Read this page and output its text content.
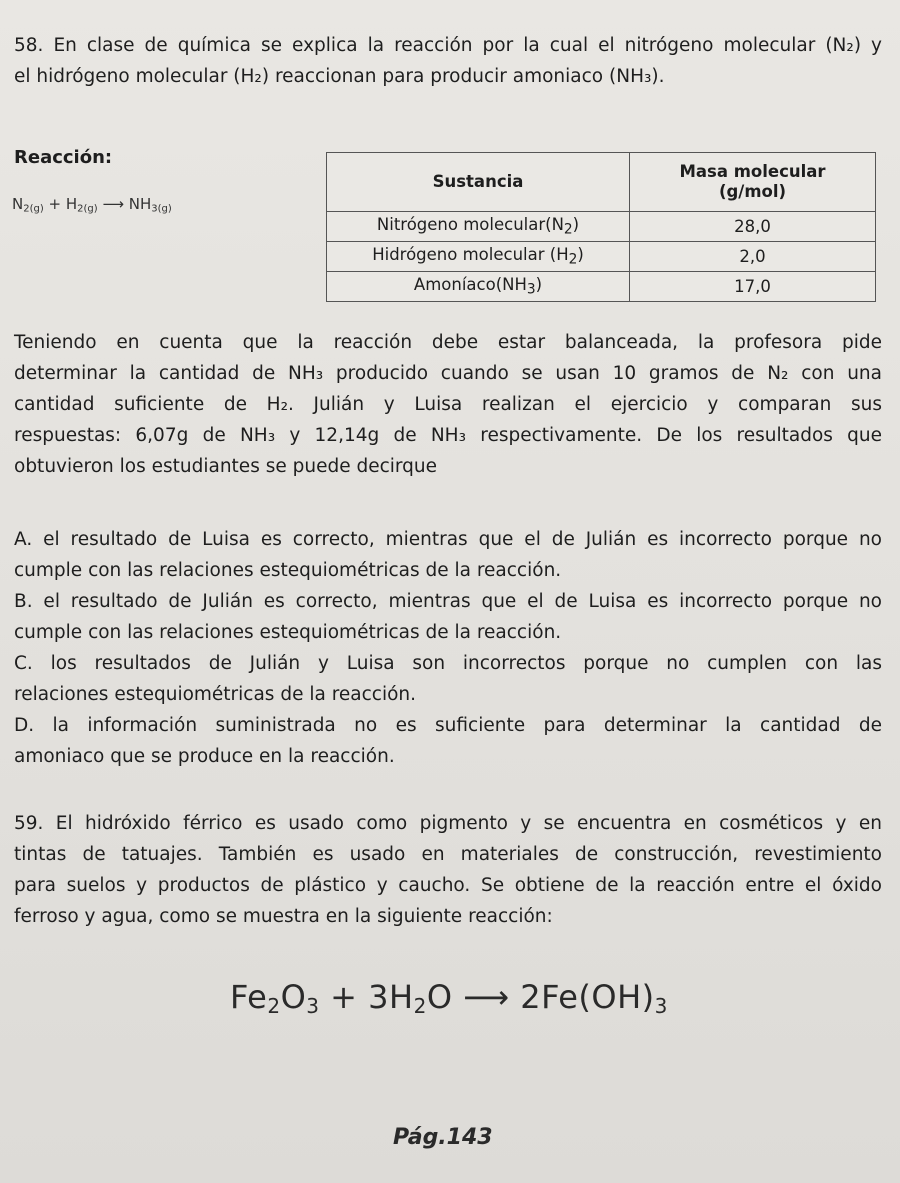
58. En clase de química se explica la reacción por la cual el nitrógeno molecular (N₂) y
el hidrógeno molecular (H₂) reaccionan para producir amoniaco (NH₃).
Reacción:
$N_{2(g)} + H_{2(g)}$ ⟶ $NH_{3(g)}$
Sustancia	Masa molecular
(g/mol)
Nitrógeno $molecular(N_2)$	28,0
Hidrógeno molecular $(H_2)$	2,0
$Amoníaco(NH_3)$	17,0
Teniendo en cuenta que la reacción debe estar balanceada, la profesora pide
determinar la cantidad de NH₃ producido cuando se usan 10 gramos de N₂ con una
cantidad suficiente de H₂. Julián y Luisa realizan el ejercicio y comparan sus
respuestas: 6,07g de NH₃ y 12,14g de NH₃ respectivamente. De los resultados que
obtuvieron los estudiantes se puede decirque
A. el resultado de Luisa es correcto, mientras que el de Julián es incorrecto porque no
cumple con las relaciones estequiométricas de la reacción.
B. el resultado de Julián es correcto, mientras que el de Luisa es incorrecto porque no
cumple con las relaciones estequiométricas de la reacción.
C. los resultados de Julián y Luisa son incorrectos porque no cumplen con las
relaciones estequiométricas de la reacción.
D. la información suministrada no es suficiente para determinar la cantidad de
amoniaco que se produce en la reacción.
59. El hidróxido férrico es usado como pigmento y se encuentra en cosméticos y en
tintas de tatuajes. También es usado en materiales de construcción, revestimiento
para suelos y productos de plástico y caucho. Se obtiene de la reacción entre el óxido
ferroso y agua, como se muestra en la siguiente reacción:
$Fe_2O_3 + 3H_2O$ ⟶ $2Fe(OH)_3$
Pág.143
